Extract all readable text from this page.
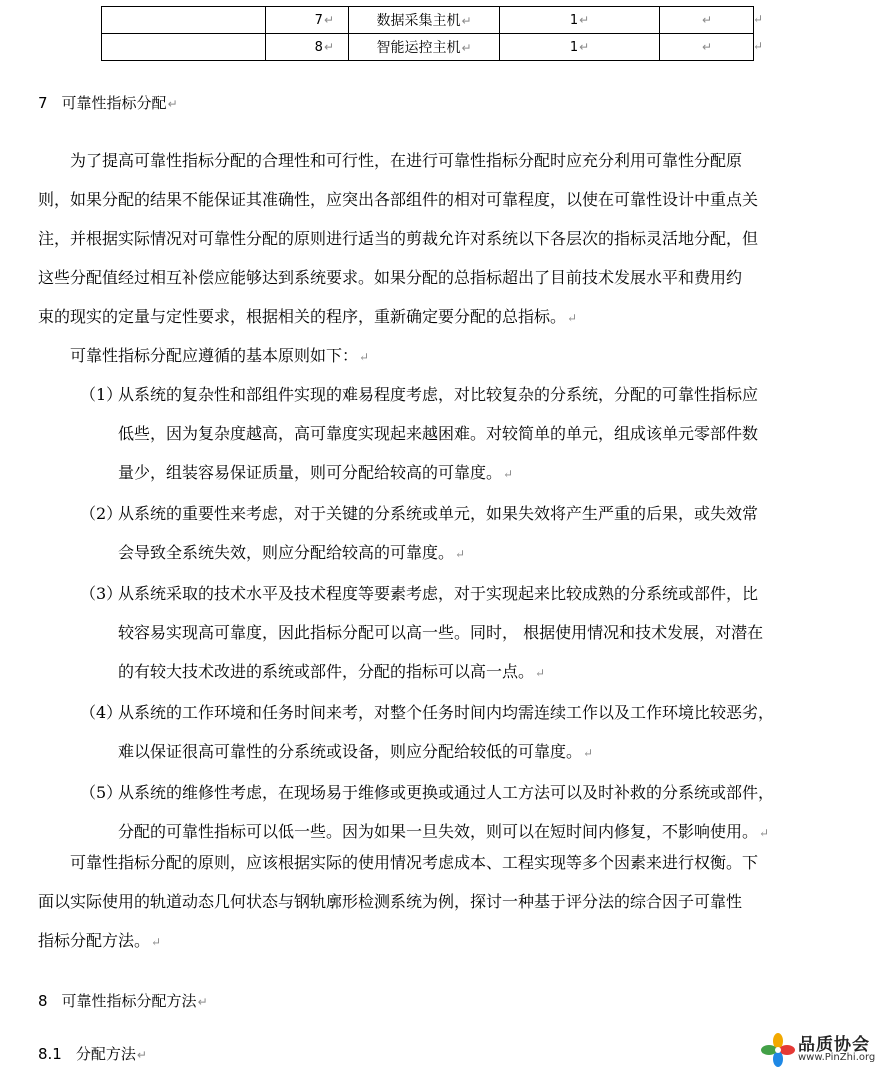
	7↵	数据采集主机↵	1↵	↵
	8↵	智能运控主机↵	1↵	↵
↵
↵
7 可靠性指标分配↵
为了提高可靠性指标分配的合理性和可行性，在进行可靠性指标分配时应充分利用可靠性分配原
则，如果分配的结果不能保证其准确性，应突出各部组件的相对可靠程度，以使在可靠性设计中重点关
注，并根据实际情况对可靠性分配的原则进行适当的剪裁允许对系统以下各层次的指标灵活地分配，但
这些分配值经过相互补偿应能够达到系统要求。如果分配的总指标超出了目前技术发展水平和费用约
束的现实的定量与定性要求，根据相关的程序，重新确定要分配的总指标。↵
可靠性指标分配应遵循的基本原则如下：↵
（1）从系统的复杂性和部组件实现的难易程度考虑，对比较复杂的分系统，分配的可靠性指标应
低些，因为复杂度越高，高可靠度实现起来越困难。对较简单的单元，组成该单元零部件数
量少，组装容易保证质量，则可分配给较高的可靠度。↵
（2）从系统的重要性来考虑，对于关键的分系统或单元，如果失效将产生严重的后果，或失效常
会导致全系统失效，则应分配给较高的可靠度。↵
（3）从系统采取的技术水平及技术程度等要素考虑，对于实现起来比较成熟的分系统或部件，比
较容易实现高可靠度，因此指标分配可以高一些。同时， 根据使用情况和技术发展，对潜在
的有较大技术改进的系统或部件，分配的指标可以高一点。↵
（4）从系统的工作环境和任务时间来考，对整个任务时间内均需连续工作以及工作环境比较恶劣，
难以保证很高可靠性的分系统或设备，则应分配给较低的可靠度。↵
（5）从系统的维修性考虑，在现场易于维修或更换或通过人工方法可以及时补救的分系统或部件，
分配的可靠性指标可以低一些。因为如果一旦失效，则可以在短时间内修复，不影响使用。↵
可靠性指标分配的原则，应该根据实际的使用情况考虑成本、工程实现等多个因素来进行权衡。下
面以实际使用的轨道动态几何状态与钢轨廓形检测系统为例，探讨一种基于评分法的综合因子可靠性
指标分配方法。↵
8 可靠性指标分配方法↵
8.1 分配方法↵	品质协会
www.PinZhi.org
